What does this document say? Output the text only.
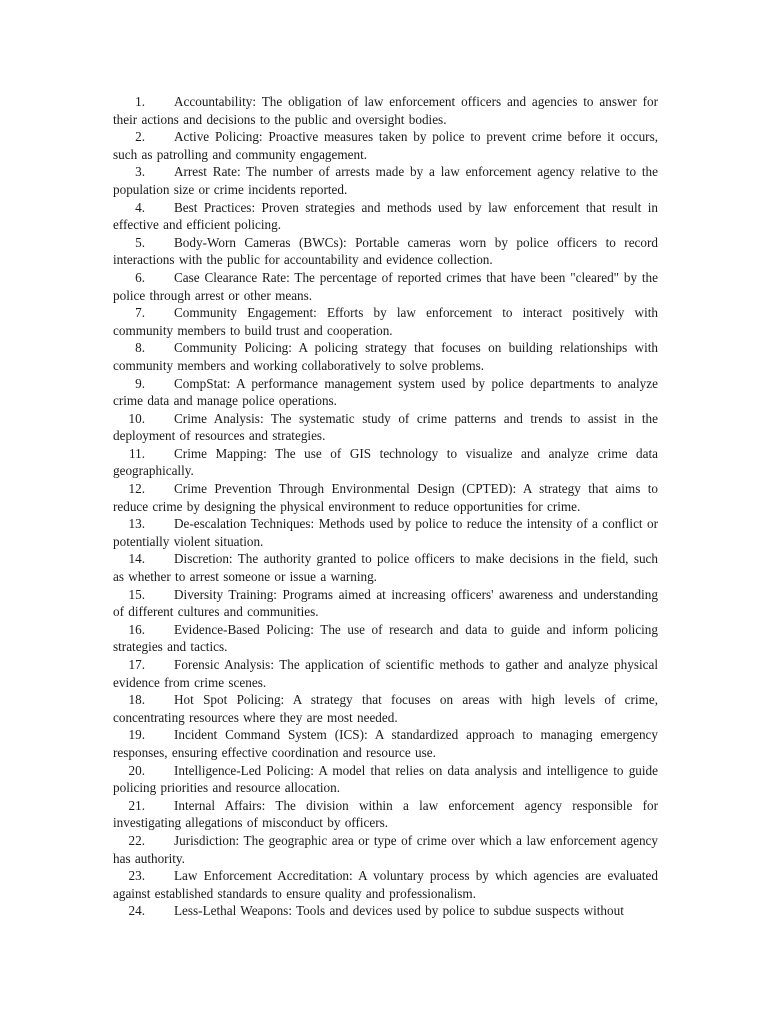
1. Accountability: The obligation of law enforcement officers and agencies to answer for their actions and decisions to the public and oversight bodies.

2. Active Policing: Proactive measures taken by police to prevent crime before it occurs, such as patrolling and community engagement.

3. Arrest Rate: The number of arrests made by a law enforcement agency relative to the population size or crime incidents reported.

4. Best Practices: Proven strategies and methods used by law enforcement that result in effective and efficient policing.

5. Body-Worn Cameras (BWCs): Portable cameras worn by police officers to record interactions with the public for accountability and evidence collection.

6. Case Clearance Rate: The percentage of reported crimes that have been "cleared" by the police through arrest or other means.

7. Community Engagement: Efforts by law enforcement to interact positively with community members to build trust and cooperation.

8. Community Policing: A policing strategy that focuses on building relationships with community members and working collaboratively to solve problems.

9. CompStat: A performance management system used by police departments to analyze crime data and manage police operations.

10. Crime Analysis: The systematic study of crime patterns and trends to assist in the deployment of resources and strategies.

11. Crime Mapping: The use of GIS technology to visualize and analyze crime data geographically.

12. Crime Prevention Through Environmental Design (CPTED): A strategy that aims to reduce crime by designing the physical environment to reduce opportunities for crime.

13. De-escalation Techniques: Methods used by police to reduce the intensity of a conflict or potentially violent situation.

14. Discretion: The authority granted to police officers to make decisions in the field, such as whether to arrest someone or issue a warning.

15. Diversity Training: Programs aimed at increasing officers' awareness and understanding of different cultures and communities.

16. Evidence-Based Policing: The use of research and data to guide and inform policing strategies and tactics.

17. Forensic Analysis: The application of scientific methods to gather and analyze physical evidence from crime scenes.

18. Hot Spot Policing: A strategy that focuses on areas with high levels of crime, concentrating resources where they are most needed.

19. Incident Command System (ICS): A standardized approach to managing emergency responses, ensuring effective coordination and resource use.

20. Intelligence-Led Policing: A model that relies on data analysis and intelligence to guide policing priorities and resource allocation.

21. Internal Affairs: The division within a law enforcement agency responsible for investigating allegations of misconduct by officers.

22. Jurisdiction: The geographic area or type of crime over which a law enforcement agency has authority.

23. Law Enforcement Accreditation: A voluntary process by which agencies are evaluated against established standards to ensure quality and professionalism.

24. Less-Lethal Weapons: Tools and devices used by police to subdue suspects without
